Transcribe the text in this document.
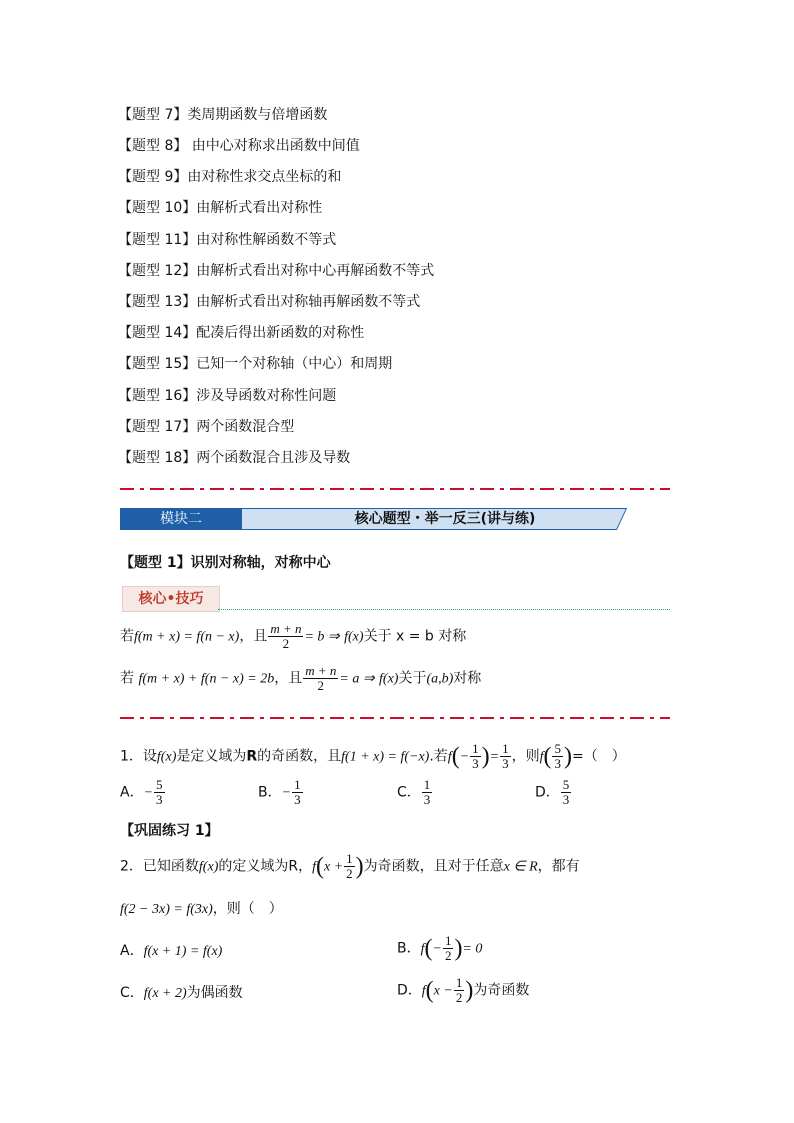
【题型 7】类周期函数与倍增函数
【题型 8】 由中心对称求出函数中间值
【题型 9】由对称性求交点坐标的和
【题型 10】由解析式看出对称性
【题型 11】由对称性解函数不等式
【题型 12】由解析式看出对称中心再解函数不等式
【题型 13】由解析式看出对称轴再解函数不等式
【题型 14】配凑后得出新函数的对称性
【题型 15】已知一个对称轴（中心）和周期
【题型 16】涉及导函数对称性问题
【题型 17】两个函数混合型
【题型 18】两个函数混合且涉及导数
模块二	核心题型・举一反三(讲与练)
【题型 1】识别对称轴，对称中心
核心•技巧
若f(m + x) = f(n − x)，且 $\frac{m + n}{2} = b$ ⇒ f(x)关于 x = b 对称
若 f(m + x) + f(n − x) = 2b，且 $\frac{m + n}{2} = a$ ⇒ f(x)关于(a,b)对称
1．设f(x)是定义域为R的奇函数，且f(1 + x) = f(−x).若$f(- \frac{1}{3}$ )= $\frac{1}{3}$ ，则$f( \frac{5}{3}$ )=（　）
A．− $\frac{5}{3}$	B．− $\frac{1}{3}$	C． $\frac{1}{3}$	D． $\frac{5}{3}$
【巩固练习 1】
2．已知函数f(x)的定义域为R，$f(x + \frac{1}{2}$ )为奇函数，且对于任意x ∈ R，都有
f(2 − 3x) = f(3x)，则（　）
A．f(x + 1) = f(x)	B．$f(- \frac{1}{2}$ )= 0
C．f(x + 2)为偶函数	D．$f(x - \frac{1}{2}$ )为奇函数
